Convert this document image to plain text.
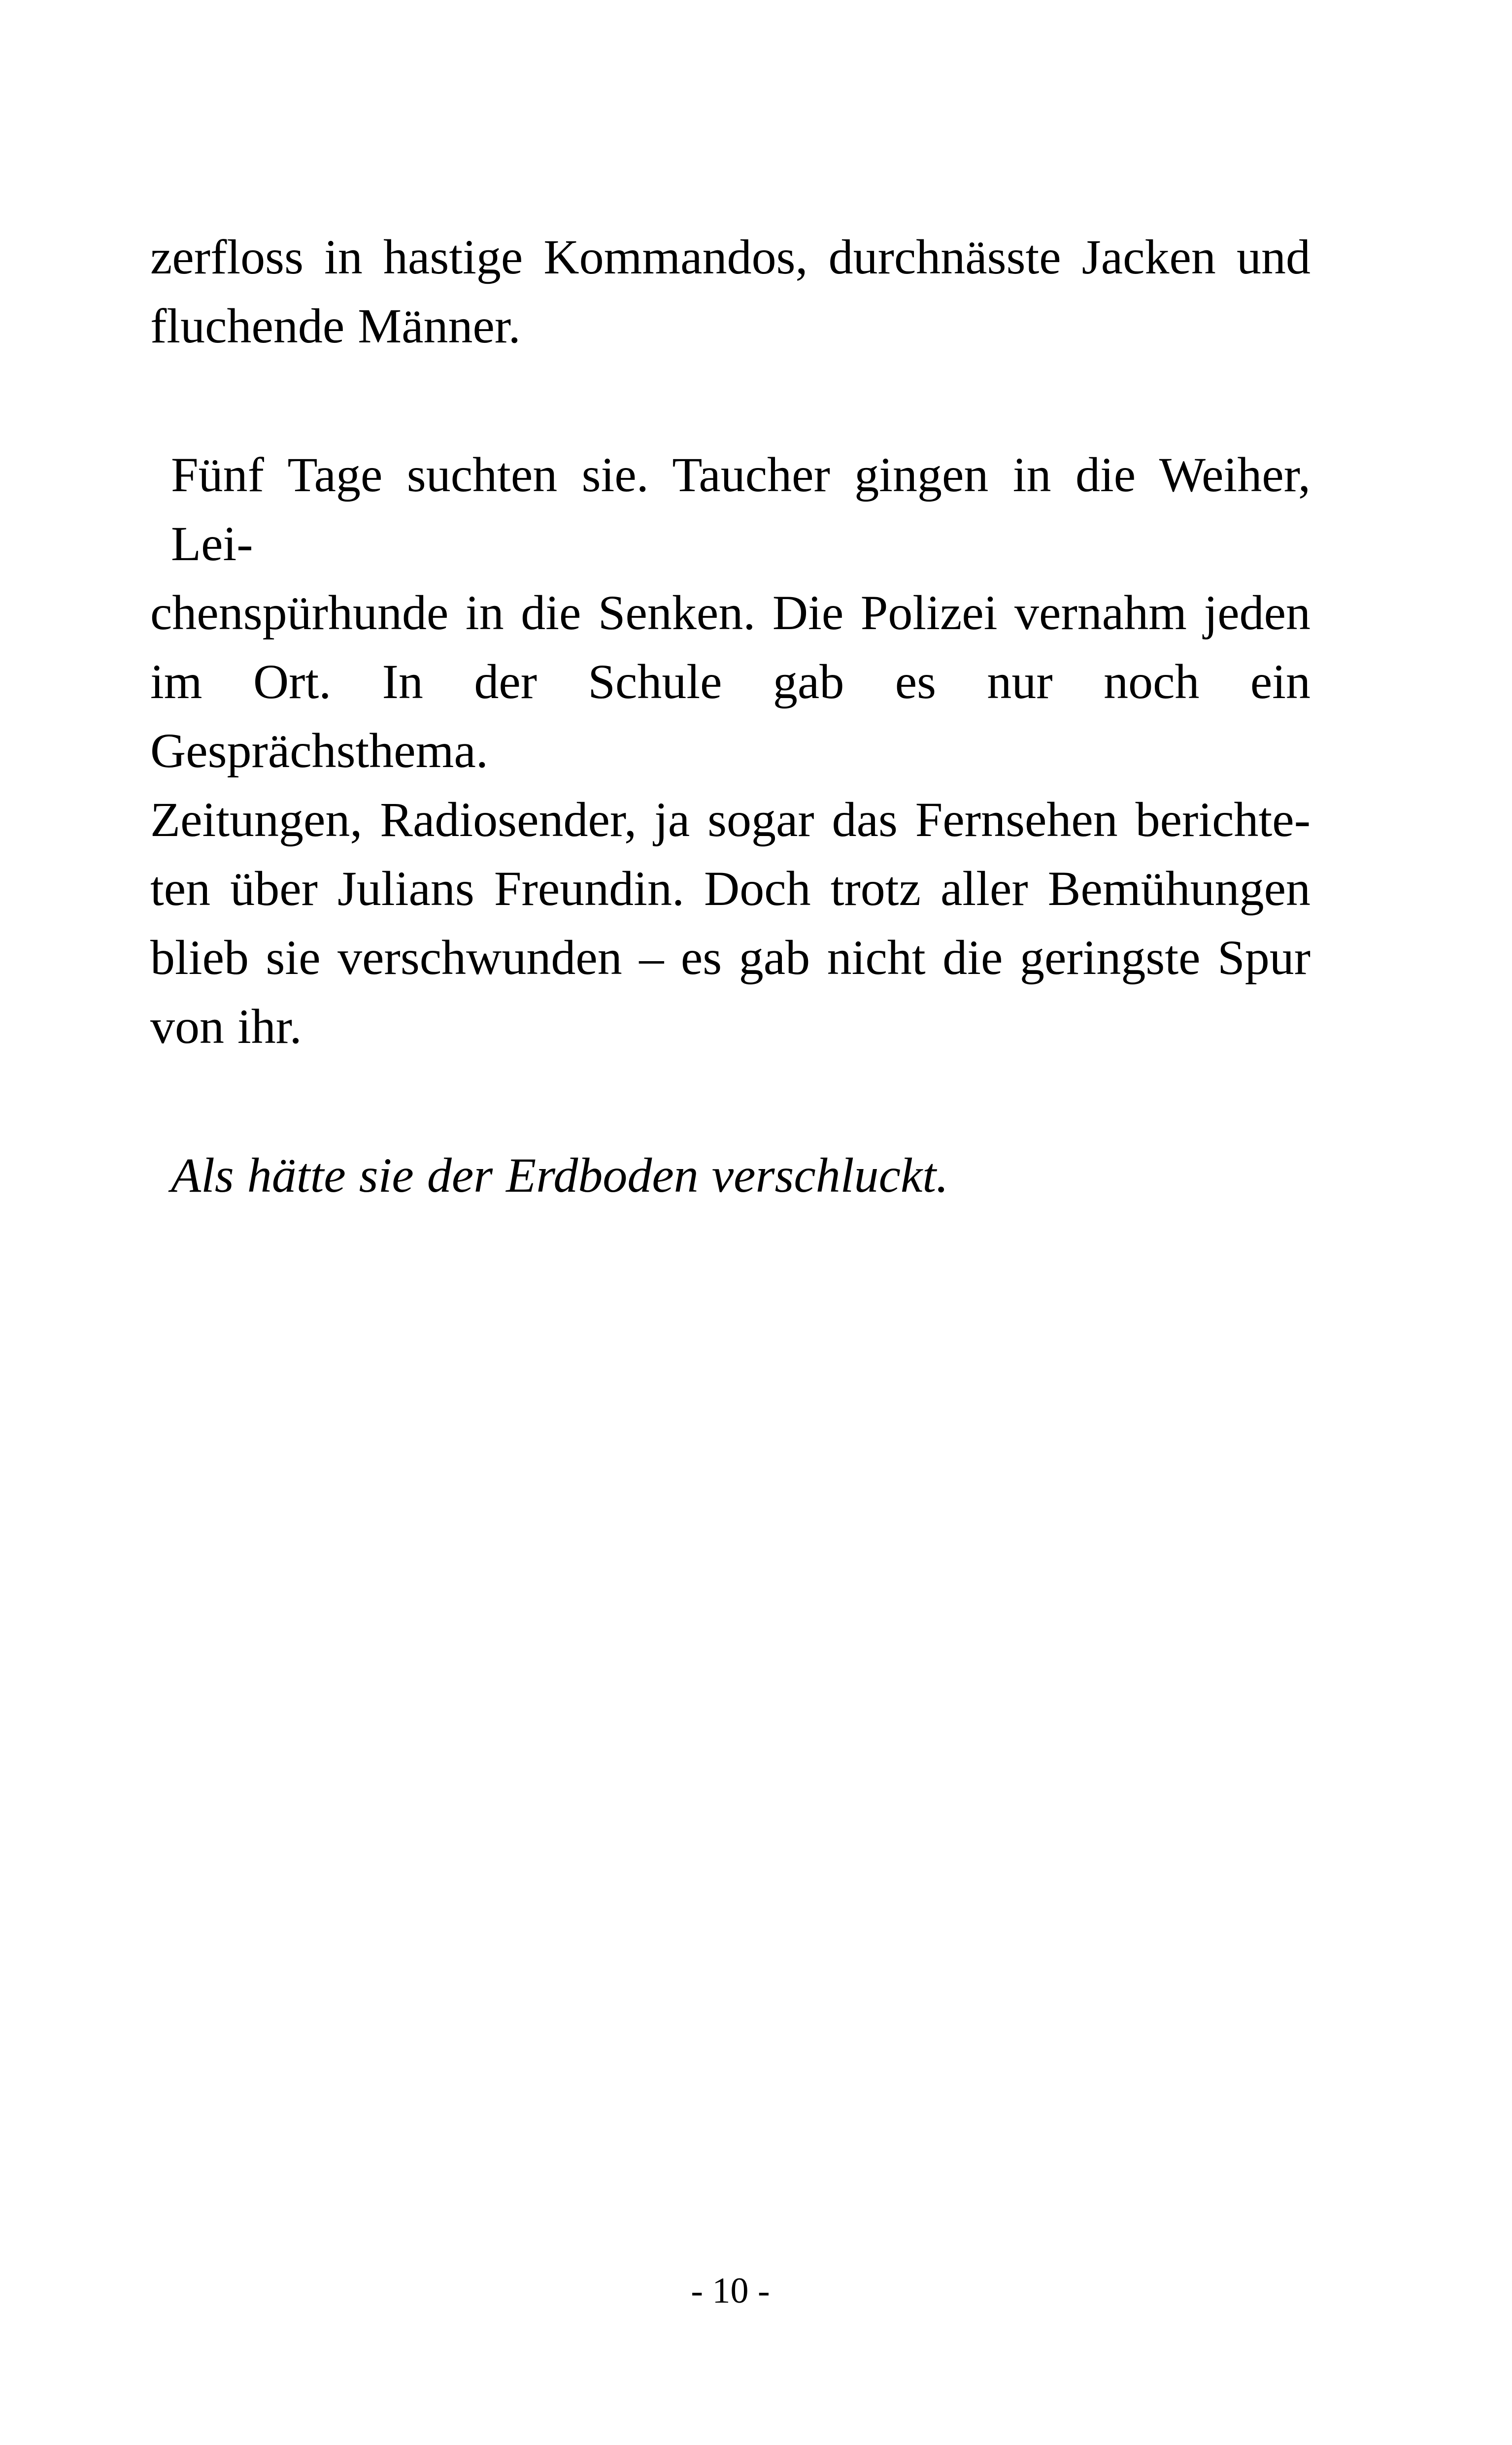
zerfloss in hastige Kommandos, durchnässte Jacken und
fluchende Männer.
Fünf Tage suchten sie. Taucher gingen in die Weiher, Lei-
chenspürhunde in die Senken. Die Polizei vernahm jeden
im Ort. In der Schule gab es nur noch ein Gesprächsthema.
Zeitungen, Radiosender, ja sogar das Fernsehen berichte-
ten über Julians Freundin. Doch trotz aller Bemühungen
blieb sie verschwunden – es gab nicht die geringste Spur
von ihr.
Als hätte sie der Erdboden verschluckt.
- 10 -
